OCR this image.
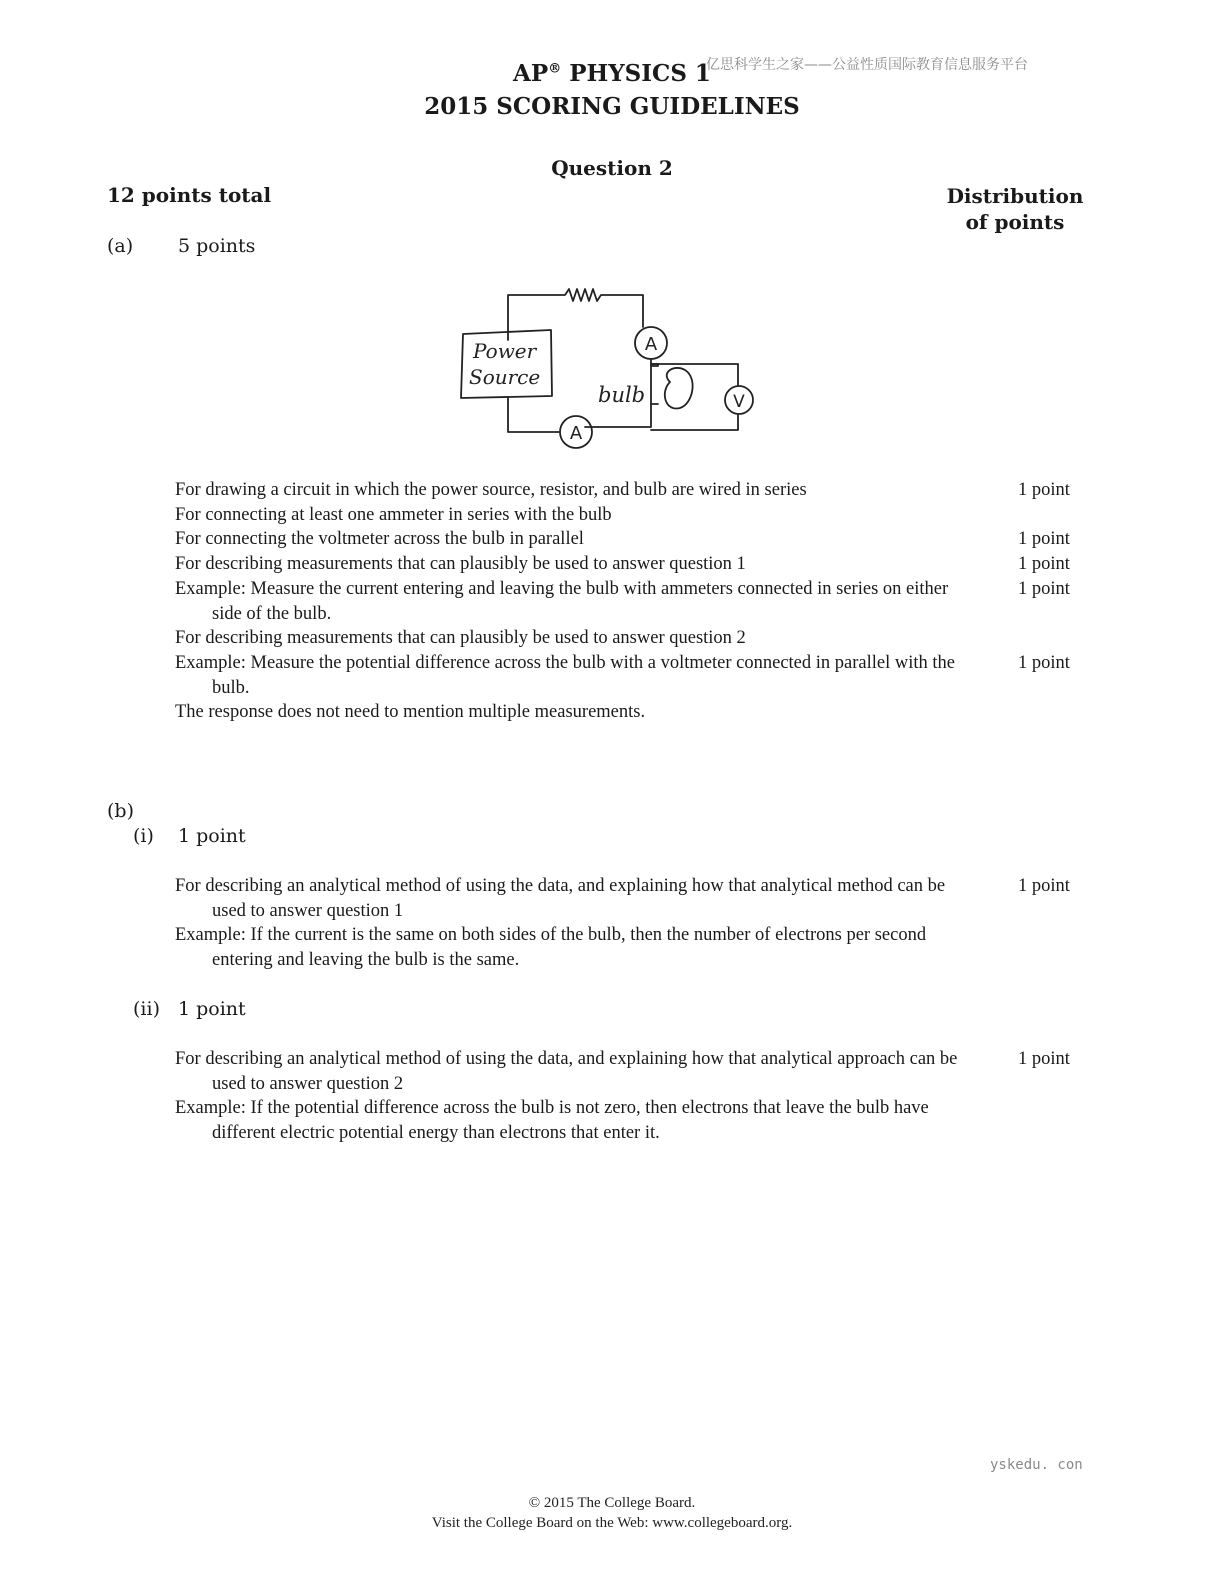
亿思科学生之家——公益性质国际教育信息服务平台
AP® PHYSICS 1
2015 SCORING GUIDELINES
Question 2
12 points total	Distribution
of points
(a) 5 points
A
Power
Source
A
bulb	V
For drawing a circuit in which the power source, resistor, and bulb are wired in series
For connecting at least one ammeter in series with the bulb
For connecting the voltmeter across the bulb in parallel
For describing measurements that can plausibly be used to answer question 1
Example: Measure the current entering and leaving the bulb with ammeters connected in series on either side of the bulb.
For describing measurements that can plausibly be used to answer question 2
Example: Measure the potential difference across the bulb with a voltmeter connected in parallel with the bulb.
The response does not need to mention multiple measurements.
1 point
1 point
1 point
1 point
1 point
(b)
(i) 1 point
For describing an analytical method of using the data, and explaining how that analytical method can be used to answer question 1
Example: If the current is the same on both sides of the bulb, then the number of electrons per second entering and leaving the bulb is the same.
1 point
(ii) 1 point
For describing an analytical method of using the data, and explaining how that analytical approach can be used to answer question 2
Example: If the potential difference across the bulb is not zero, then electrons that leave the bulb have different electric potential energy than electrons that enter it.
1 point
yskedu. con
© 2015 The College Board.
Visit the College Board on the Web: www.collegeboard.org.
